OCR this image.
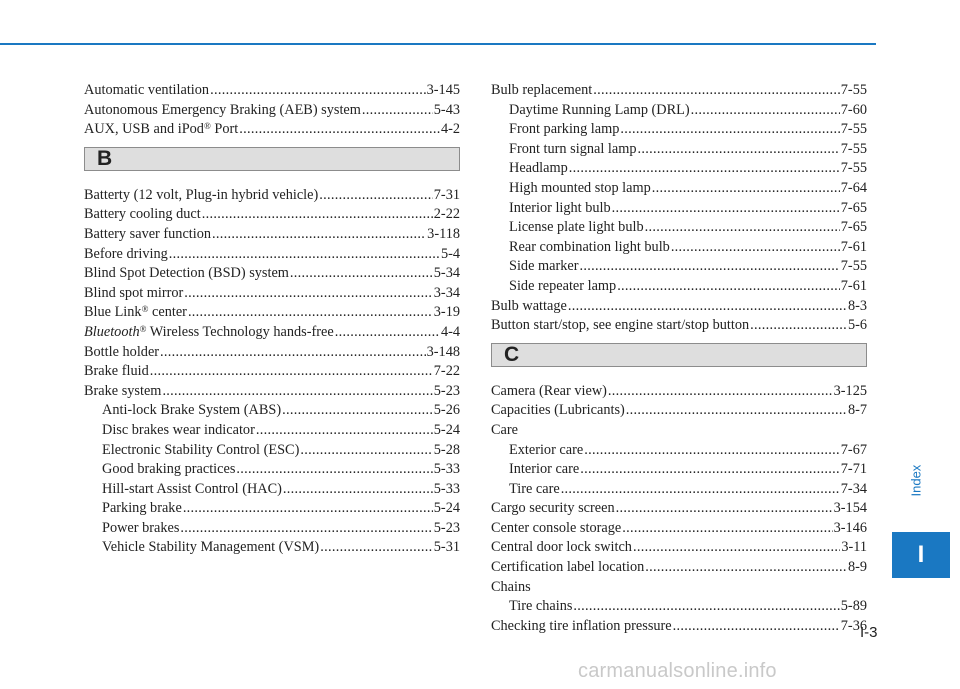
Automatic ventilation .....	3-145
Autonomous Emergency Braking (AEB) system .....	5-43
AUX, USB and iPod® Port .....	4-2
B
Batterty (12 volt, Plug-in hybrid vehicle) .....	7-31
Battery cooling duct .....	2-22
Battery saver function .....	3-118
Before driving .....	5-4
Blind Spot Detection (BSD) system .....	5-34
Blind spot mirror .....	3-34
Blue Link® center .....	3-19
Bluetooth® Wireless Technology hands-free .....	4-4
Bottle holder .....	3-148
Brake fluid .....	7-22
Brake system .....	5-23
Anti-lock Brake System (ABS) .....	5-26
Disc brakes wear indicator .....	5-24
Electronic Stability Control (ESC) .....	5-28
Good braking practices .....	5-33
Hill-start Assist Control (HAC) .....	5-33
Parking brake .....	5-24
Power brakes .....	5-23
Vehicle Stability Management (VSM) .....	5-31
Bulb replacement .....	7-55
Daytime Running Lamp (DRL) .....	7-60
Front parking lamp .....	7-55
Front turn signal lamp .....	7-55
Headlamp .....	7-55
High mounted stop lamp .....	7-64
Interior light bulb .....	7-65
License plate light bulb .....	7-65
Rear combination light bulb .....	7-61
Side marker .....	7-55
Side repeater lamp .....	7-61
Bulb wattage .....	8-3
Button start/stop, see engine start/stop button .....	5-6
C
Camera (Rear view) .....	3-125
Capacities (Lubricants) .....	8-7
Care
Exterior care .....	7-67
Interior care .....	7-71
Tire care .....	7-34
Cargo security screen .....	3-154
Center console storage .....	3-146
Central door lock switch .....	3-11
Certification label location .....	8-9
Chains
Tire chains .....	5-89
Checking tire inflation pressure .....	7-36
Index
I
I-3
carmanualsonline.info
